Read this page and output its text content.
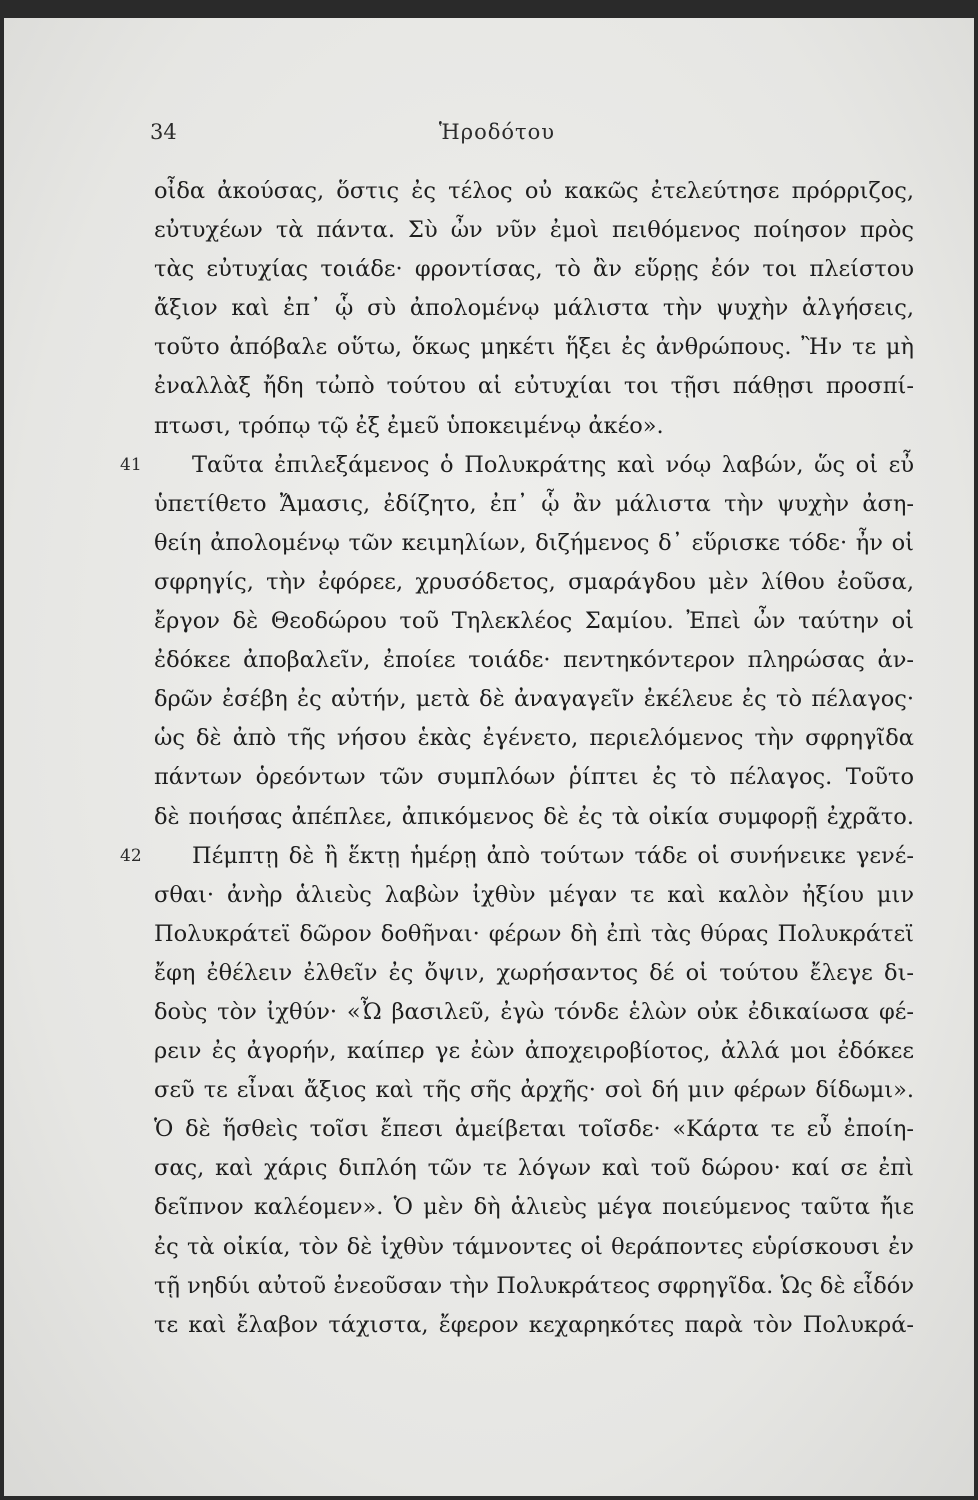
34	Ἡροδότου
οἶδα ἀκούσας, ὅστις ἐς τέλος οὐ κακῶς ἐτελεύτησε πρόρριζος,
εὐτυχέων τὰ πάντα. Σὺ ὦν νῦν ἐμοὶ πειθόμενος ποίησον πρὸς
τὰς εὐτυχίας τοιάδε· φροντίσας, τὸ ἂν εὕρῃς ἐόν τοι πλείστου
ἄξιον καὶ ἐπ᾽ ᾧ σὺ ἀπολομένῳ μάλιστα τὴν ψυχὴν ἀλγήσεις,
τοῦτο ἀπόβαλε οὕτω, ὅκως μηκέτι ἥξει ἐς ἀνθρώπους. Ἢν τε μὴ
ἐναλλὰξ ἤδη τὠπὸ τούτου αἱ εὐτυχίαι τοι τῇσι πάθῃσι προσπί-
πτωσι, τρόπῳ τῷ ἐξ ἐμεῦ ὑποκειμένῳ ἀκέο».
41 Ταῦτα ἐπιλεξάμενος ὁ Πολυκράτης καὶ νόῳ λαβών, ὥς οἱ εὖ
ὑπετίθετο Ἄμασις, ἐδίζητο, ἐπ᾽ ᾧ ἂν μάλιστα τὴν ψυχὴν ἀση-
θείη ἀπολομένῳ τῶν κειμηλίων, διζήμενος δ᾽ εὕρισκε τόδε· ἦν οἱ
σφρηγίς, τὴν ἐφόρεε, χρυσόδετος, σμαράγδου μὲν λίθου ἐοῦσα,
ἔργον δὲ Θεοδώρου τοῦ Τηλεκλέος Σαμίου. Ἐπεὶ ὦν ταύτην οἱ
ἐδόκεε ἀποβαλεῖν, ἐποίεε τοιάδε· πεντηκόντερον πληρώσας ἀν-
δρῶν ἐσέβη ἐς αὐτήν, μετὰ δὲ ἀναγαγεῖν ἐκέλευε ἐς τὸ πέλαγος·
ὡς δὲ ἀπὸ τῆς νήσου ἑκὰς ἐγένετο, περιελόμενος τὴν σφρηγῖδα
πάντων ὁρεόντων τῶν συμπλόων ῥίπτει ἐς τὸ πέλαγος. Τοῦτο
δὲ ποιήσας ἀπέπλεε, ἀπικόμενος δὲ ἐς τὰ οἰκία συμφορῇ ἐχρᾶτο.
42 Πέμπτῃ δὲ ἢ ἕκτῃ ἡμέρῃ ἀπὸ τούτων τάδε οἱ συνήνεικε γενέ-
σθαι· ἀνὴρ ἁλιεὺς λαβὼν ἰχθὺν μέγαν τε καὶ καλὸν ἠξίου μιν
Πολυκράτεϊ δῶρον δοθῆναι· φέρων δὴ ἐπὶ τὰς θύρας Πολυκράτεϊ
ἔφη ἐθέλειν ἐλθεῖν ἐς ὄψιν, χωρήσαντος δέ οἱ τούτου ἔλεγε δι-
δοὺς τὸν ἰχθύν· «Ὦ βασιλεῦ, ἐγὼ τόνδε ἑλὼν οὐκ ἐδικαίωσα φέ-
ρειν ἐς ἀγορήν, καίπερ γε ἐὼν ἀποχειροβίοτος, ἀλλά μοι ἐδόκεε
σεῦ τε εἶναι ἄξιος καὶ τῆς σῆς ἀρχῆς· σοὶ δή μιν φέρων δίδωμι».
Ὁ δὲ ἥσθεὶς τοῖσι ἔπεσι ἀμείβεται τοῖσδε· «Κάρτα τε εὖ ἐποίη-
σας, καὶ χάρις διπλόη τῶν τε λόγων καὶ τοῦ δώρου· καί σε ἐπὶ
δεῖπνον καλέομεν». Ὁ μὲν δὴ ἁλιεὺς μέγα ποιεύμενος ταῦτα ἤιε
ἐς τὰ οἰκία, τὸν δὲ ἰχθὺν τάμνοντες οἱ θεράποντες εὑρίσκουσι ἐν
τῇ νηδύι αὐτοῦ ἐνεοῦσαν τὴν Πολυκράτεος σφρηγῖδα. Ὡς δὲ εἶδόν
τε καὶ ἔλαβον τάχιστα, ἔφερον κεχαρηκότες παρὰ τὸν Πολυκρά-
